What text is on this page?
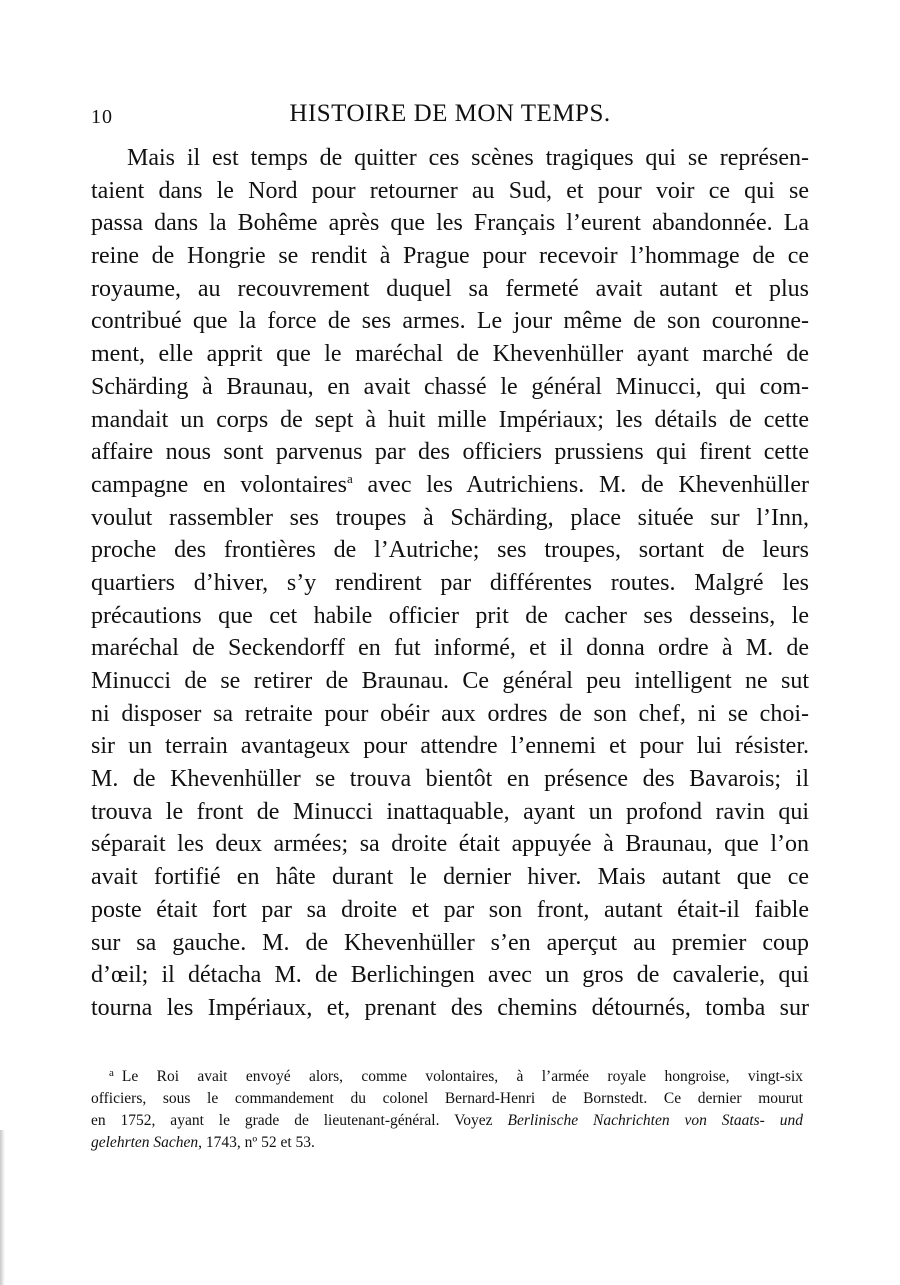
10	HISTOIRE DE MON TEMPS.
Mais il est temps de quitter ces scènes tragiques qui se représen-
taient dans le Nord pour retourner au Sud, et pour voir ce qui se
passa dans la Bohême après que les Français l’eurent abandonnée. La
reine de Hongrie se rendit à Prague pour recevoir l’hommage de ce
royaume, au recouvrement duquel sa fermeté avait autant et plus
contribué que la force de ses armes. Le jour même de son couronne-
ment, elle apprit que le maréchal de Khevenhüller ayant marché de
Schärding à Braunau, en avait chassé le général Minucci, qui com-
mandait un corps de sept à huit mille Impériaux; les détails de cette
affaire nous sont parvenus par des officiers prussiens qui firent cette
campagne en volontaires$^a$ avec les Autrichiens. M. de Khevenhüller
voulut rassembler ses troupes à Schärding, place située sur l’Inn,
proche des frontières de l’Autriche; ses troupes, sortant de leurs
quartiers d’hiver, s’y rendirent par différentes routes. Malgré les
précautions que cet habile officier prit de cacher ses desseins, le
maréchal de Seckendorff en fut informé, et il donna ordre à M. de
Minucci de se retirer de Braunau. Ce général peu intelligent ne sut
ni disposer sa retraite pour obéir aux ordres de son chef, ni se choi-
sir un terrain avantageux pour attendre l’ennemi et pour lui résister.
M. de Khevenhüller se trouva bientôt en présence des Bavarois; il
trouva le front de Minucci inattaquable, ayant un profond ravin qui
séparait les deux armées; sa droite était appuyée à Braunau, que l’on
avait fortifié en hâte durant le dernier hiver. Mais autant que ce
poste était fort par sa droite et par son front, autant était-il faible
sur sa gauche. M. de Khevenhüller s’en aperçut au premier coup
d’œil; il détacha M. de Berlichingen avec un gros de cavalerie, qui
tourna les Impériaux, et, prenant des chemins détournés, tomba sur
$^a$ Le Roi avait envoyé alors, comme volontaires, à l’armée royale hongroise, vingt-six
officiers, sous le commandement du colonel Bernard-Henri de Bornstedt. Ce dernier mourut
en 1752, ayant le grade de lieutenant-général. Voyez Berlinische Nachrichten von Staats- und
gelehrten Sachen, 1743, nº 52 et 53.
